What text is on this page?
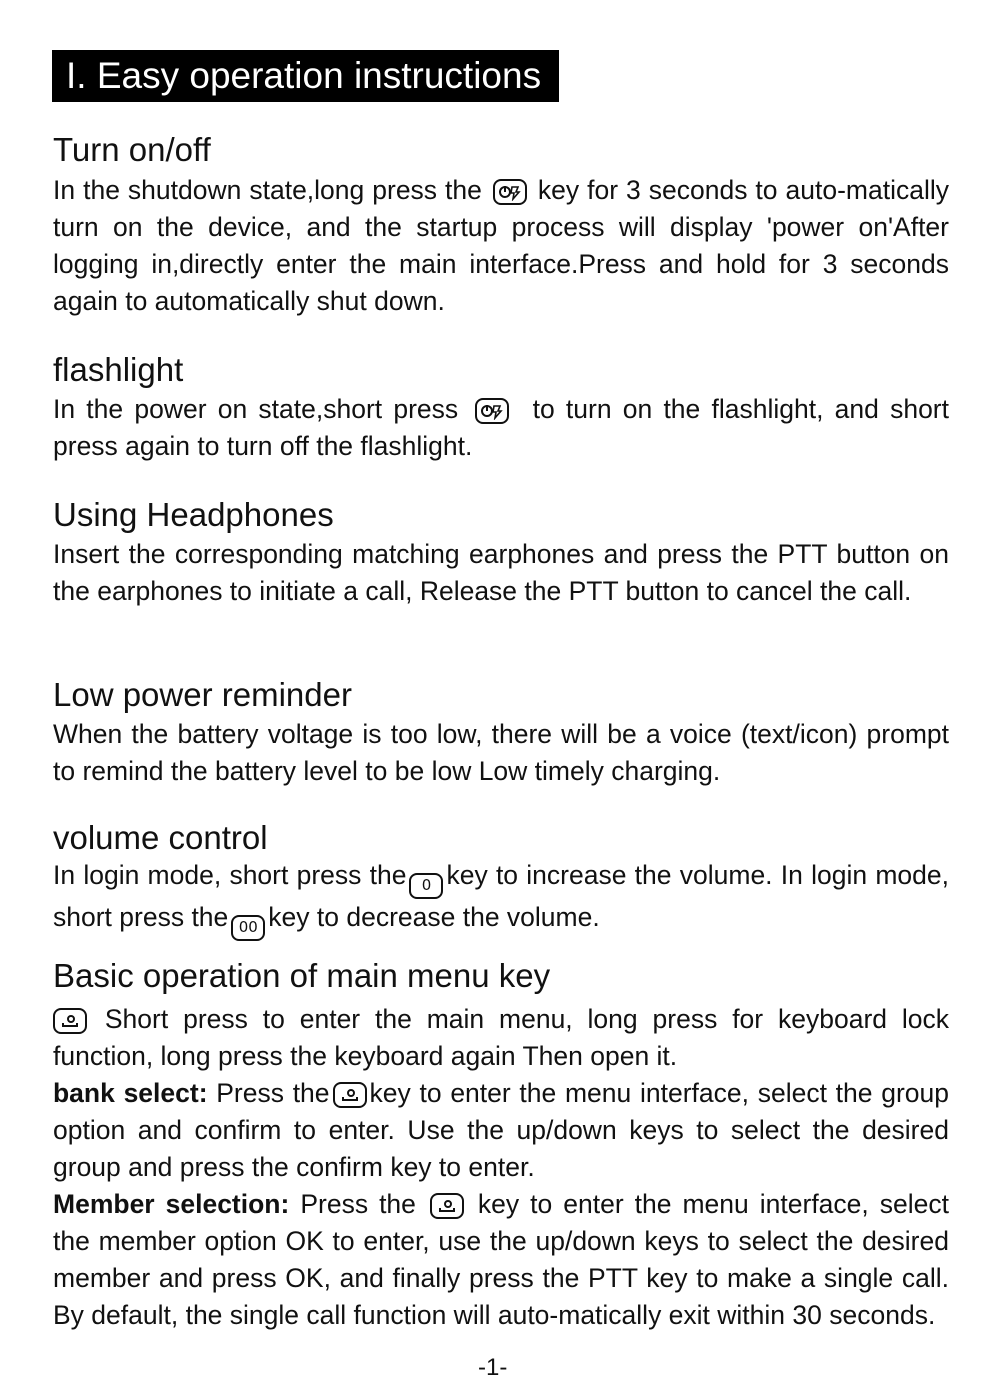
I. Easy operation instructions
Turn on/off
In the shutdown state,long press the
key for 3 seconds to auto-matically turn on the device, and the startup process will display 'power on'After logging in,directly enter the main interface.Press and hold for 3 seconds again to automatically shut down.
flashlight
In the power on state,short press
to turn on the flashlight, and short press again to turn off the flashlight.
Using Headphones
Insert the corresponding matching earphones and press the PTT button on the earphones to initiate a call, Release the PTT button to cancel the call.
Low power reminder
When the battery voltage is too low, there will be a voice (text/icon) prompt to remind the battery level to be low Low timely charging.
volume control
In login mode, short press the 0 key to increase the volume. In login mode, short press the 00 key to decrease the volume.
Basic operation of main menu key
Short press to enter the main menu, long press for keyboard lock function, long press the keyboard again Then open it.
bank select: Press the key to enter the menu interface, select the group option and confirm to enter. Use the up/down keys to select the desired group and press the confirm key to enter.
Member selection: Press the
key to enter the menu interface, select the member option OK to enter, use the up/down keys to select the desired member and press OK, and finally press the PTT key to make a single call. By default, the single call function will auto-matically exit within 30 seconds.
-1-
